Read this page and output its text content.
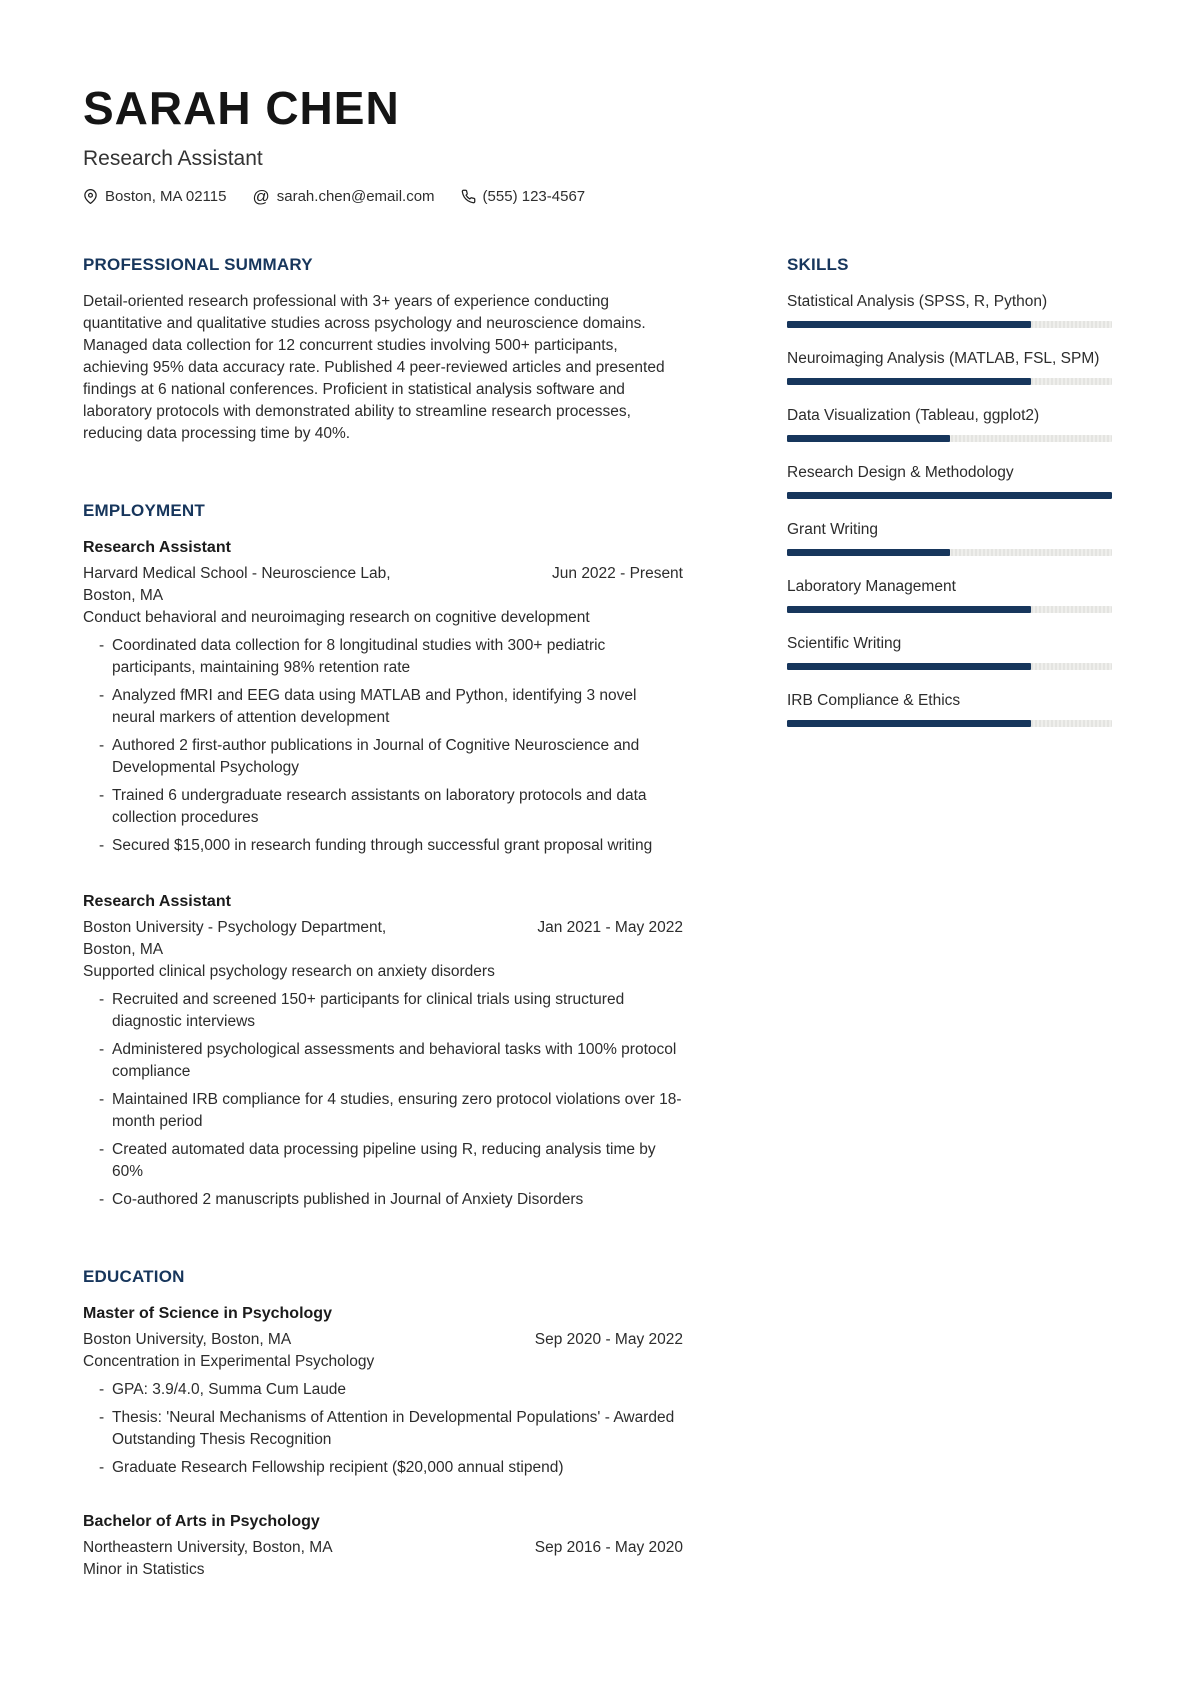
SARAH CHEN
Research Assistant
Boston, MA 02115 @ sarah.chen@email.com	(555) 123-4567
PROFESSIONAL SUMMARY

Detail-oriented research professional with 3+ years of experience conducting quantitative and qualitative studies across psychology and neuroscience domains. Managed data collection for 12 concurrent studies involving 500+ participants, achieving 95% data accuracy rate. Published 4 peer-reviewed articles and presented findings at 6 national conferences. Proficient in statistical analysis software and laboratory protocols with demonstrated ability to streamline research processes, reducing data processing time by 40%.

EMPLOYMENT
Research Assistant
Harvard Medical School - Neuroscience Lab,	Jun 2022 - Present
Boston, MA
Conduct behavioral and neuroimaging research on cognitive development
- Coordinated data collection for 8 longitudinal studies with 300+ pediatric participants, maintaining 98% retention rate
- Analyzed fMRI and EEG data using MATLAB and Python, identifying 3 novel neural markers of attention development
- Authored 2 first-author publications in Journal of Cognitive Neuroscience and Developmental Psychology
- Trained 6 undergraduate research assistants on laboratory protocols and data collection procedures
- Secured $15,000 in research funding through successful grant proposal writing
Research Assistant
Boston University - Psychology Department,	Jan 2021 - May 2022
Boston, MA
Supported clinical psychology research on anxiety disorders
- Recruited and screened 150+ participants for clinical trials using structured diagnostic interviews
- Administered psychological assessments and behavioral tasks with 100% protocol compliance
- Maintained IRB compliance for 4 studies, ensuring zero protocol violations over 18-month period
- Created automated data processing pipeline using R, reducing analysis time by 60%
- Co-authored 2 manuscripts published in Journal of Anxiety Disorders
EDUCATION
Master of Science in Psychology
Boston University, Boston, MA	Sep 2020 - May 2022
Concentration in Experimental Psychology
- GPA: 3.9/4.0, Summa Cum Laude
- Thesis: 'Neural Mechanisms of Attention in Developmental Populations' - Awarded Outstanding Thesis Recognition
- Graduate Research Fellowship recipient ($20,000 annual stipend)
Bachelor of Arts in Psychology
Northeastern University, Boston, MA	Sep 2016 - May 2020
Minor in Statistics
SKILLS
Statistical Analysis (SPSS, R, Python)
Neuroimaging Analysis (MATLAB, FSL, SPM)
Data Visualization (Tableau, ggplot2)
Research Design & Methodology
Grant Writing
Laboratory Management
Scientific Writing
IRB Compliance & Ethics
